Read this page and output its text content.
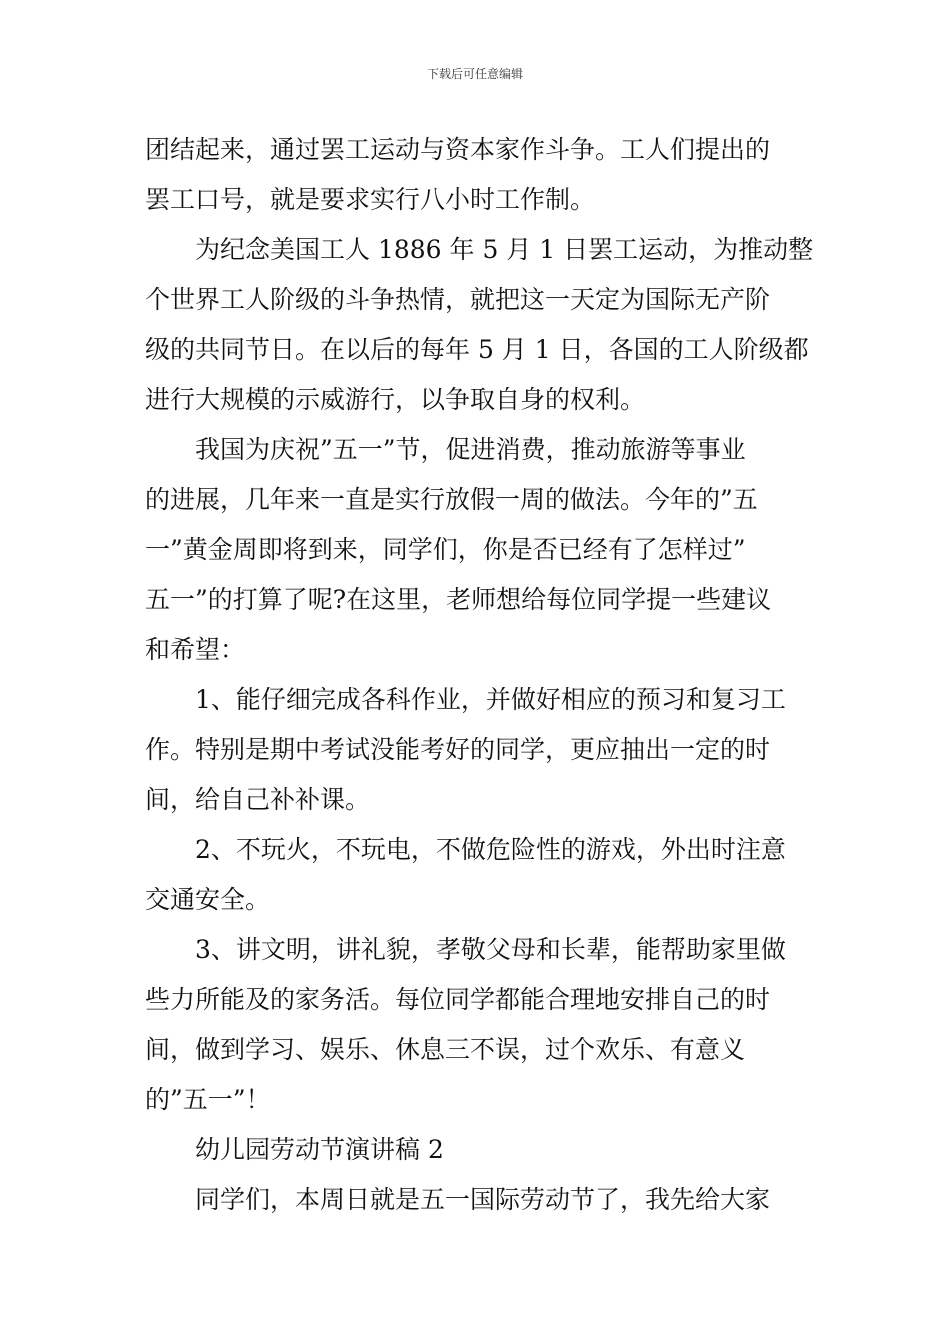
下载后可任意编辑
团结起来，通过罢工运动与资本家作斗争。工人们提出的
罢工口号，就是要求实行八小时工作制。
为纪念美国工人 1886 年 5 月 1 日罢工运动，为推动整
个世界工人阶级的斗争热情，就把这一天定为国际无产阶
级的共同节日。在以后的每年 5 月 1 日，各国的工人阶级都
进行大规模的示威游行，以争取自身的权利。
我国为庆祝”五一”节，促进消费，推动旅游等事业
的进展，几年来一直是实行放假一周的做法。今年的”五
一”黄金周即将到来，同学们，你是否已经有了怎样过”
五一”的打算了呢?在这里，老师想给每位同学提一些建议
和希望：
1、能仔细完成各科作业，并做好相应的预习和复习工
作。特别是期中考试没能考好的同学，更应抽出一定的时
间，给自己补补课。
2、不玩火，不玩电，不做危险性的游戏，外出时注意
交通安全。
3、讲文明，讲礼貌，孝敬父母和长辈，能帮助家里做
些力所能及的家务活。每位同学都能合理地安排自己的时
间，做到学习、娱乐、休息三不误，过个欢乐、有意义
的”五一”！
幼儿园劳动节演讲稿 2
同学们，本周日就是五一国际劳动节了，我先给大家
